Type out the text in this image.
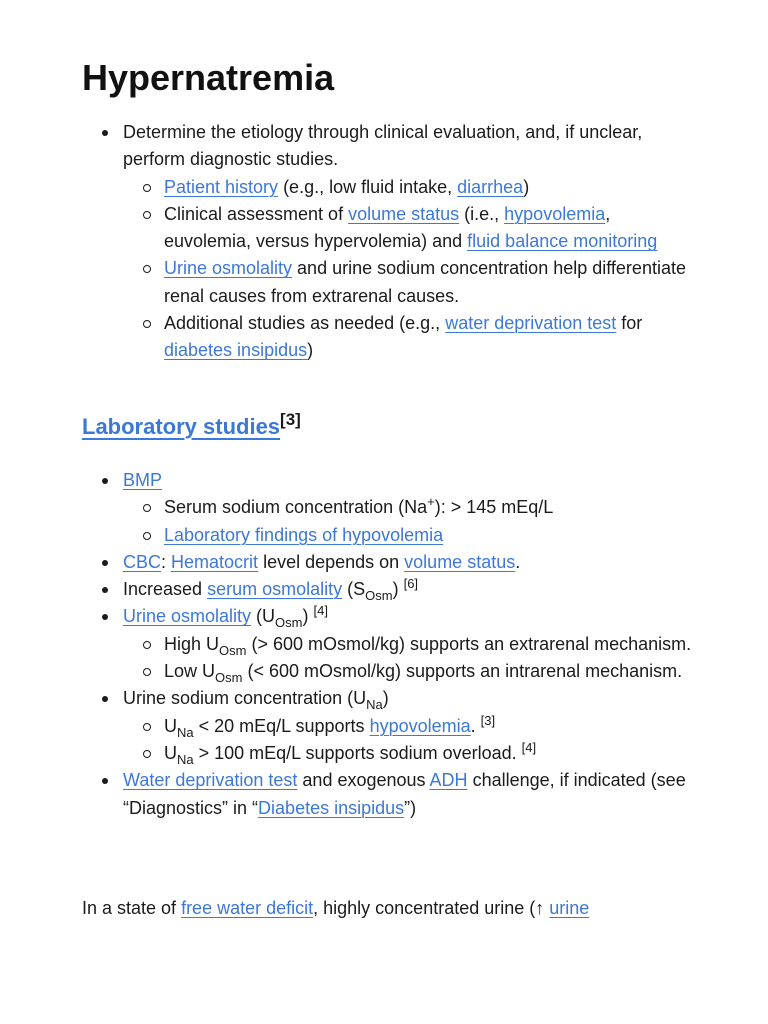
Hypernatremia
Determine the etiology through clinical evaluation, and, if unclear, perform diagnostic studies.
Patient history (e.g., low fluid intake, diarrhea)
Clinical assessment of volume status (i.e., hypovolemia, euvolemia, versus hypervolemia) and fluid balance monitoring
Urine osmolality and urine sodium concentration help differentiate renal causes from extrarenal causes.
Additional studies as needed (e.g., water deprivation test for diabetes insipidus)
Laboratory studies[3]
BMP
Serum sodium concentration (Na+): > 145 mEq/L
Laboratory findings of hypovolemia
CBC: Hematocrit level depends on volume status.
Increased serum osmolality $(S_{Osm})$ [6]
Urine osmolality $(U_{Osm})$ [4]
High $U_{Osm}$ (> 600 mOsmol/kg) supports an extrarenal mechanism.
Low $U_{Osm}$ (< 600 mOsmol/kg) supports an intrarenal mechanism.
Urine sodium concentration $(U_{Na})$
$U_{Na} < 20$ mEq/L supports hypovolemia. [3]
$U_{Na} > 100$ mEq/L supports sodium overload. [4]
Water deprivation test and exogenous ADH challenge, if indicated (see “Diagnostics” in “Diabetes insipidus”)

In a state of free water deficit, highly concentrated urine (↑ urine
